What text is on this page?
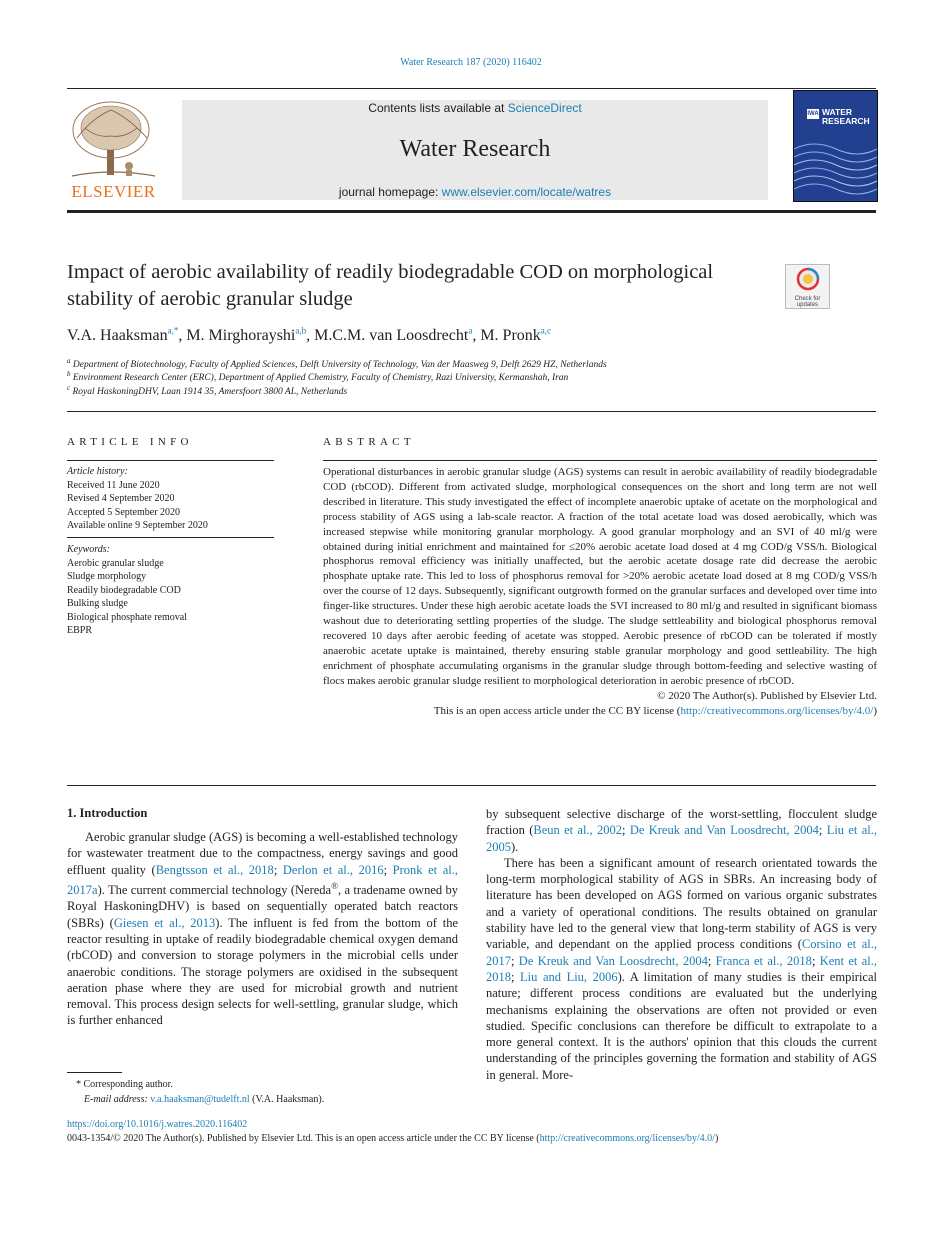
Water Research 187 (2020) 116402
ELSEVIER
Contents lists available at ScienceDirect
Water Research
journal homepage: www.elsevier.com/locate/watres
IWA WATER
RESEARCH
Impact of aerobic availability of readily biodegradable COD on morphological stability of aerobic granular sludge	Check for
updates
V.A. Haaksman$^{a,*}$, M. Mirghorayshi$^{a,b}$, M.C.M. van Loosdrecht$^a$, M. Pronk$^{a,c}$
$^a$ Department of Biotechnology, Faculty of Applied Sciences, Delft University of Technology, Van der Maasweg 9, Delft 2629 HZ, Netherlands
$^b$ Environment Research Center (ERC), Department of Applied Chemistry, Faculty of Chemistry, Razi University, Kermanshah, Iran
$^c$ Royal HaskoningDHV, Laan 1914 35, Amersfoort 3800 AL, Netherlands
ARTICLE INFO
Article history:
Received 11 June 2020
Revised 4 September 2020
Accepted 5 September 2020
Available online 9 September 2020
Keywords:
Aerobic granular sludge
Sludge morphology
Readily biodegradable COD
Bulking sludge
Biological phosphate removal
EBPR
ABSTRACT
Operational disturbances in aerobic granular sludge (AGS) systems can result in aerobic availability of readily biodegradable COD (rbCOD). Different from activated sludge, morphological consequences on the short and long term are not well described in literature. This study investigated the effect of incomplete anaerobic uptake of acetate on the morphological and process stability of AGS using a lab-scale reactor. A fraction of the total acetate load was dosed aerobically, which was increased stepwise while monitoring granular morphology. A good granular morphology and an SVI of 40 ml/g were obtained during initial enrichment and maintained for ≤20% aerobic acetate load dosed at 4 mg COD/g VSS/h. Biological phosphorus removal efficiency was initially unaffected, but the aerobic acetate dosage rate did decrease the aerobic phosphate uptake rate. This led to loss of phosphorus removal for >20% aerobic acetate load dosed at 8 mg COD/g VSS/h over the course of 12 days. Subsequently, significant outgrowth formed on the granular surfaces and developed over time into finger-like structures. Under these high aerobic acetate loads the SVI increased to 80 ml/g and resulted in significant biomass washout due to deteriorating settling properties of the sludge. The sludge settleability and biological phosphorus removal recovered 10 days after aerobic feeding of acetate was stopped. Aerobic presence of rbCOD can be tolerated if mostly anaerobic acetate uptake is maintained, thereby ensuring stable granular morphology and good settleability. The high enrichment of phosphate accumulating organisms in the granular sludge through bottom-feeding and selective wasting of flocs makes aerobic granular sludge resilient to morphological deterioration in aerobic presence of rbCOD.
© 2020 The Author(s). Published by Elsevier Ltd.
This is an open access article under the CC BY license (http://creativecommons.org/licenses/by/4.0/)
1. Introduction

Aerobic granular sludge (AGS) is becoming a well-established technology for wastewater treatment due to the compactness, energy savings and good effluent quality (Bengtsson et al., 2018; Derlon et al., 2016; Pronk et al., 2017a). The current commercial technology (Nereda®, a tradename owned by Royal HaskoningDHV) is based on sequentially operated batch reactors (SBRs) (Giesen et al., 2013). The influent is fed from the bottom of the reactor resulting in uptake of readily biodegradable chemical oxygen demand (rbCOD) and conversion to storage polymers in the microbial cells under anaerobic conditions. The storage polymers are oxidised in the subsequent aeration phase where they are used for microbial growth and nutrient removal. This process design selects for well-settling, granular sludge, which is further enhanced

by subsequent selective discharge of the worst-settling, flocculent sludge fraction (Beun et al., 2002; De Kreuk and Van Loosdrecht, 2004; Liu et al., 2005).

There has been a significant amount of research orientated towards the long-term morphological stability of AGS in SBRs. An increasing body of literature has been developed on AGS formed on various organic substrates and a variety of operational conditions. The results obtained on granular stability have led to the general view that long-term stability of AGS is very variable, and dependant on the applied process conditions (Corsino et al., 2017; De Kreuk and Van Loosdrecht, 2004; Franca et al., 2018; Kent et al., 2018; Liu and Liu, 2006). A limitation of many studies is their empirical nature; different process conditions are evaluated but the underlying mechanisms explaining the observations are often not provided or even studied. Specific conclusions can therefore be difficult to extrapolate to a more general context. It is the authors' opinion that this clouds the current understanding of the principles governing the formation and stability of AGS in general. More-

* Corresponding author.
E-mail address: v.a.haaksman@tudelft.nl (V.A. Haaksman).
https://doi.org/10.1016/j.watres.2020.116402
0043-1354/© 2020 The Author(s). Published by Elsevier Ltd. This is an open access article under the CC BY license (http://creativecommons.org/licenses/by/4.0/)
